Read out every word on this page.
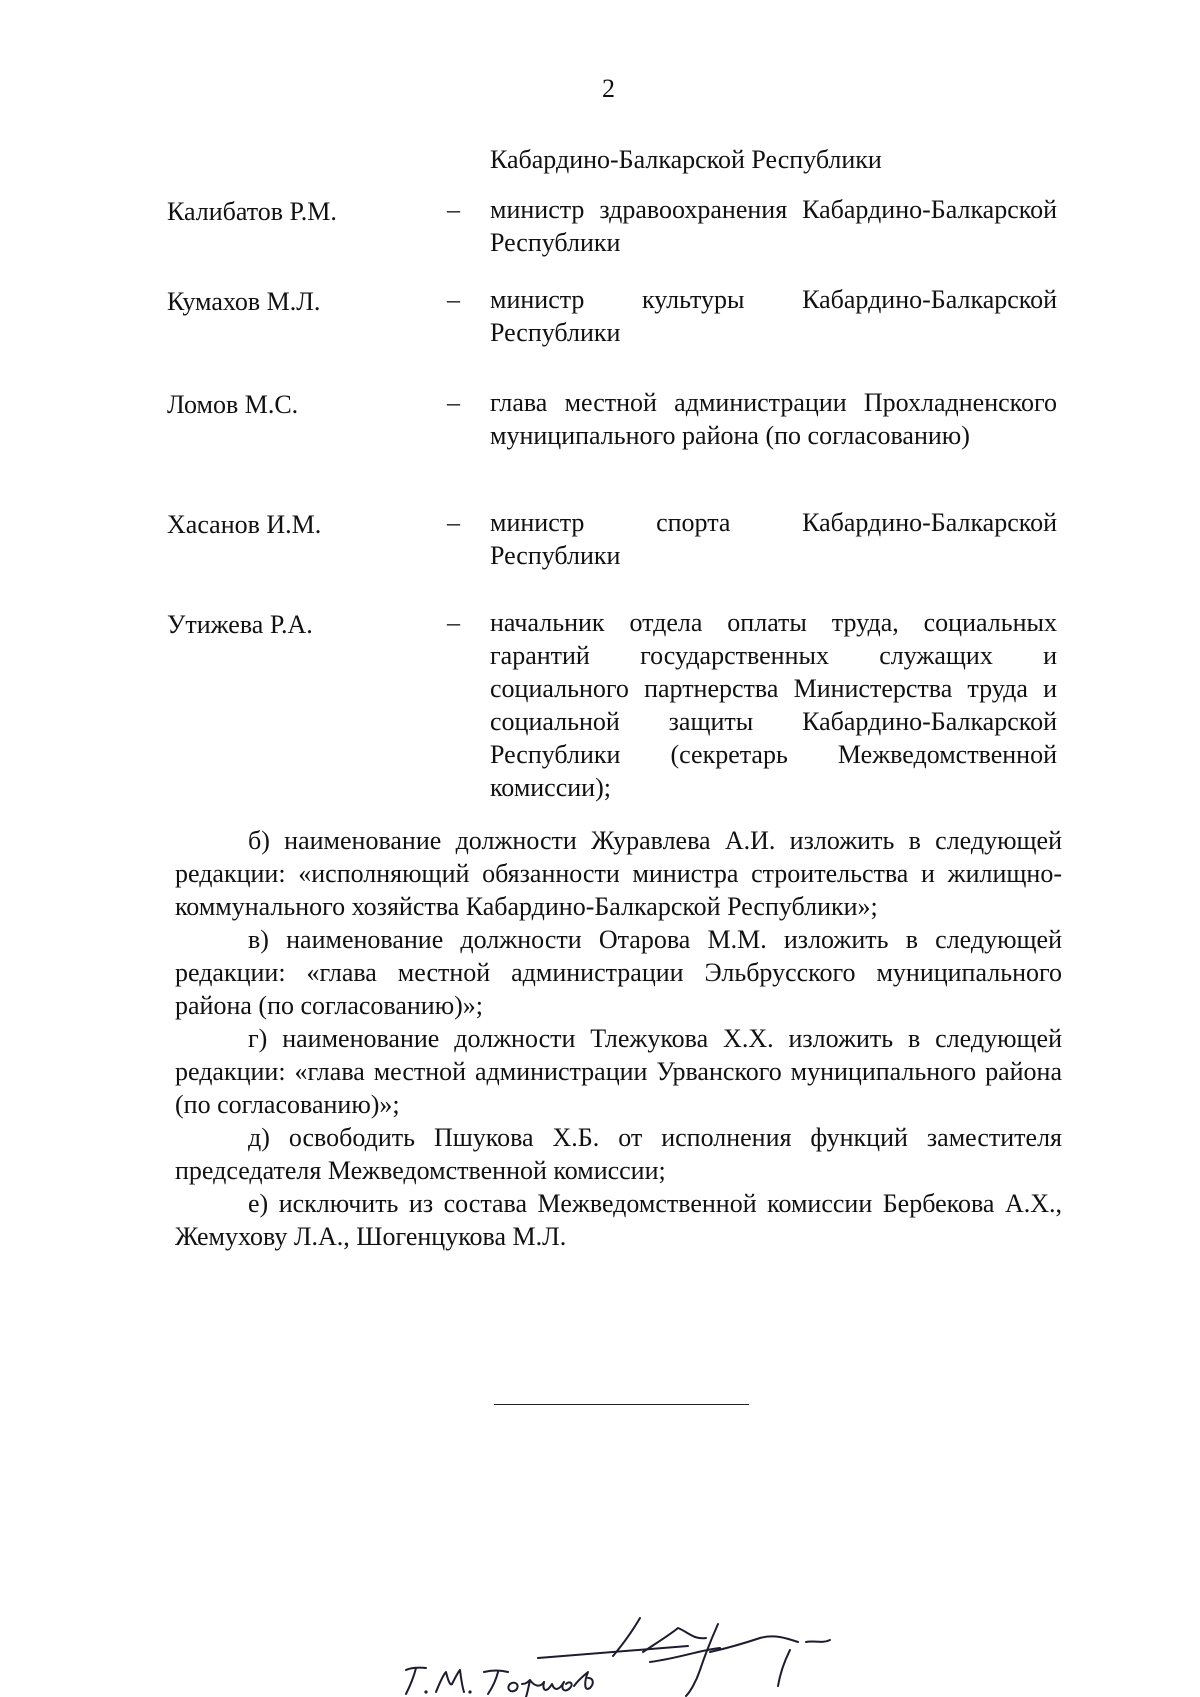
2
Кабардино-Балкарской Республики
Калибатов Р.М.	– министр здравоохранения Кабардино-Балкарской Республики
Кумахов М.Л.	– министр культуры Кабардино-Балкарской Республики
Ломов М.С.	– глава местной администрации Прохладненского муниципального района (по согласованию)
Хасанов И.М.	– министр спорта Кабардино-Балкарской Республики
Утижева Р.А.	– начальник отдела оплаты труда, социальных гарантий государственных служащих и социального партнерства Министерства труда и социальной защиты Кабардино-Балкарской Республики (секретарь Межведомственной комиссии);

б) наименование должности Журавлева А.И. изложить в следующей редакции: «исполняющий обязанности министра строительства и жилищно-коммунального хозяйства Кабардино-Балкарской Республики»;

в) наименование должности Отарова М.М. изложить в следующей редакции: «глава местной администрации Эльбрусского муниципального района (по согласованию)»;

г) наименование должности Тлежукова Х.Х. изложить в следующей редакции: «глава местной администрации Урванского муниципального района (по согласованию)»;

д) освободить Пшукова Х.Б. от исполнения функций заместителя председателя Межведомственной комиссии;

е) исключить из состава Межведомственной комиссии Бербекова А.Х., Жемухову Л.А., Шогенцукова М.Л.
